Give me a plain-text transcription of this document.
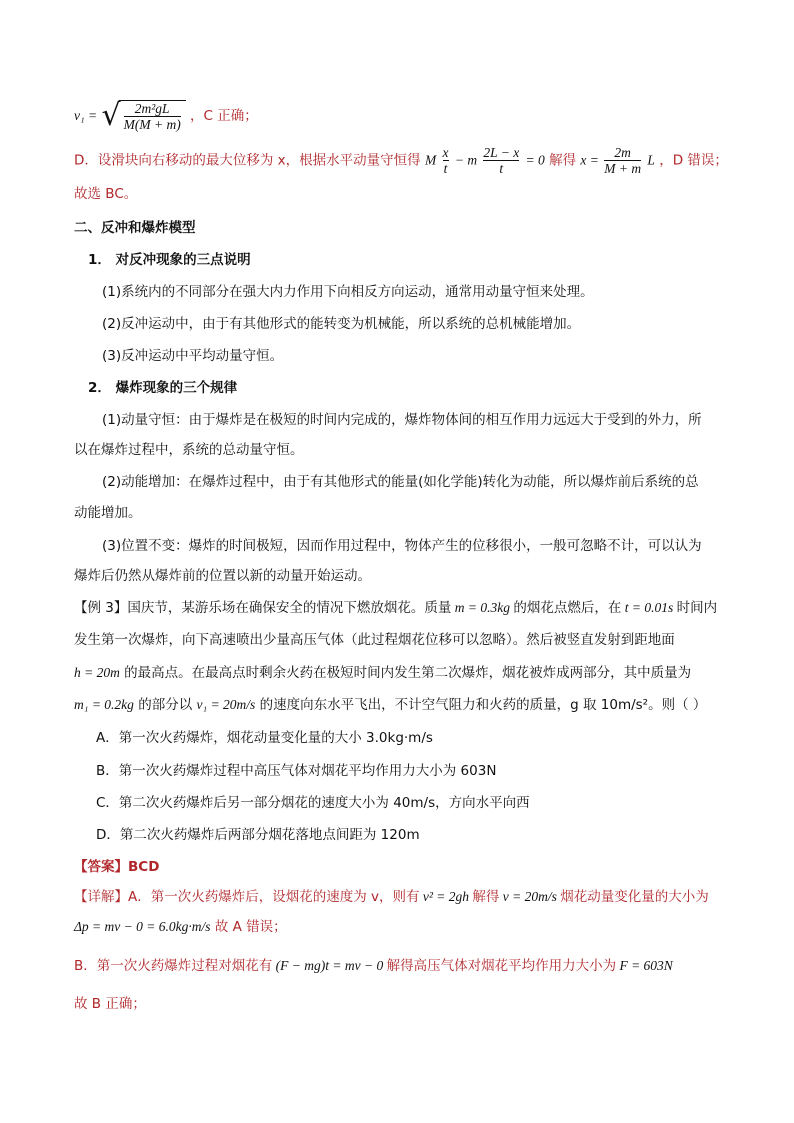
v₁ = √ $\frac{\text{2m²gL}}{M(M + m)}$ ，C 正确；
D．设滑块向右移动的最大位移为 x，根据水平动量守恒得 M $\frac{x}{t} - m \frac{2L - x}{t} = 0$ 解得 $x = \frac{2m}{M + m}$ L ，D 错误；
故选 BC。
二、反冲和爆炸模型
1． 对反冲现象的三点说明
(1)系统内的不同部分在强大内力作用下向相反方向运动，通常用动量守恒来处理。
(2)反冲运动中，由于有其他形式的能转变为机械能，所以系统的总机械能增加。
(3)反冲运动中平均动量守恒。
2． 爆炸现象的三个规律
(1)动量守恒：由于爆炸是在极短的时间内完成的，爆炸物体间的相互作用力远远大于受到的外力，所
以在爆炸过程中，系统的总动量守恒。
(2)动能增加：在爆炸过程中，由于有其他形式的能量(如化学能)转化为动能，所以爆炸前后系统的总
动能增加。
(3)位置不变：爆炸的时间极短，因而作用过程中，物体产生的位移很小，一般可忽略不计，可以认为
爆炸后仍然从爆炸前的位置以新的动量开始运动。
【例 3】国庆节，某游乐场在确保安全的情况下燃放烟花。质量 m = 0.3kg 的烟花点燃后，在 t = 0.01s 时间内
发生第一次爆炸，向下高速喷出少量高压气体（此过程烟花位移可以忽略）。然后被竖直发射到距地面
h = 20m 的最高点。在最高点时剩余火药在极短时间内发生第二次爆炸，烟花被炸成两部分，其中质量为
m₁ = 0.2kg 的部分以 v₁ = 20m/s 的速度向东水平飞出，不计空气阻力和火药的质量，g 取 10m/s²。则（ ）
A．第一次火药爆炸，烟花动量变化量的大小 3.0kg·m/s
B．第一次火药爆炸过程中高压气体对烟花平均作用力大小为 603N
C．第二次火药爆炸后另一部分烟花的速度大小为 40m/s，方向水平向西
D．第二次火药爆炸后两部分烟花落地点间距为 120m
【答案】BCD
【详解】A．第一次火药爆炸后，设烟花的速度为 v，则有 v² = 2gh 解得 v = 20m/s 烟花动量变化量的大小为
Δp = mv − 0 = 6.0kg·m/s 故 A 错误；
B．第一次火药爆炸过程对烟花有 (F − mg)t = mv − 0 解得高压气体对烟花平均作用力大小为 F = 603N
故 B 正确；
